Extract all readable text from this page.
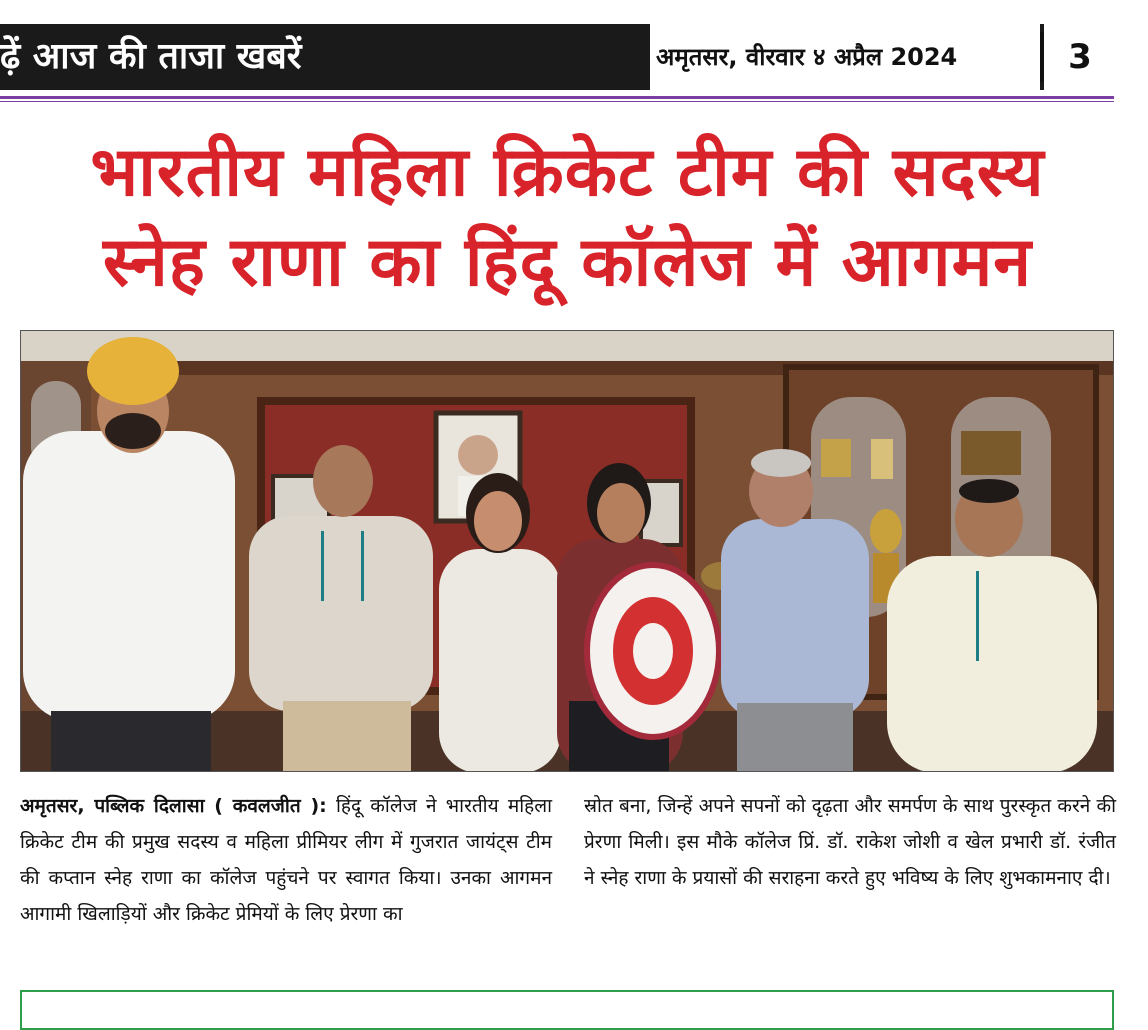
ढ़ें आज की ताजा खबरें	अमृतसर, वीरवार ४ अप्रैल 2024	3
भारतीय महिला क्रिकेट टीम की सदस्य
स्नेह राणा का हिंदू कॉलेज में आगमन
अमृतसर, पब्लिक दिलासा ( कवलजीत ): हिंदू कॉलेज ने भारतीय महिला क्रिकेट टीम की प्रमुख सदस्य व महिला प्रीमियर लीग में गुजरात जायंट्स टीम की कप्तान स्नेह राणा का कॉलेज पहुंचने पर स्वागत किया। उनका आगमन आगामी खिलाड़ियों और क्रिकेट प्रेमियों के लिए प्रेरणा का
स्रोत बना, जिन्हें अपने सपनों को दृढ़ता और समर्पण के साथ पुरस्कृत करने की प्रेरणा मिली। इस मौके कॉलेज प्रिं. डॉ. राकेश जोशी व खेल प्रभारी डॉ. रंजीत ने स्नेह राणा के प्रयासों की सराहना करते हुए भविष्य के लिए शुभकामनाए दी।
